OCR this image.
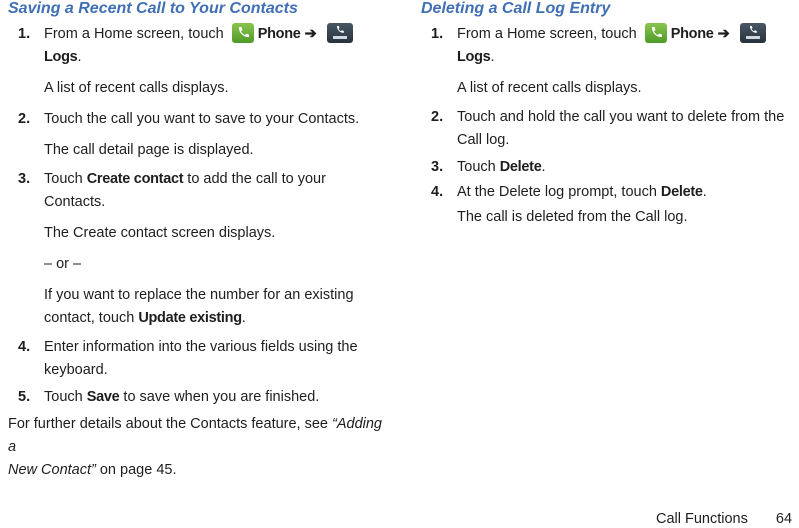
Saving a Recent Call to Your Contacts
1. From a Home screen, touch
Phone ➔
Logs.
A list of recent calls displays.
2. Touch the call you want to save to your Contacts.
The call detail page is displayed.
3. Touch Create contact to add the call to your Contacts.
The Create contact screen displays.
– or –
If you want to replace the number for an existing
contact, touch Update existing.
4. Enter information into the various fields using the
keyboard.
5. Touch Save to save when you are finished.
For further details about the Contacts feature, see “Adding a
New Contact” on page 45.
Deleting a Call Log Entry
1. From a Home screen, touch
Phone ➔
Logs.
A list of recent calls displays.
2. Touch and hold the call you want to delete from the
Call log.
3. Touch Delete.
4. At the Delete log prompt, touch Delete.
The call is deleted from the Call log.
Call Functions 64
